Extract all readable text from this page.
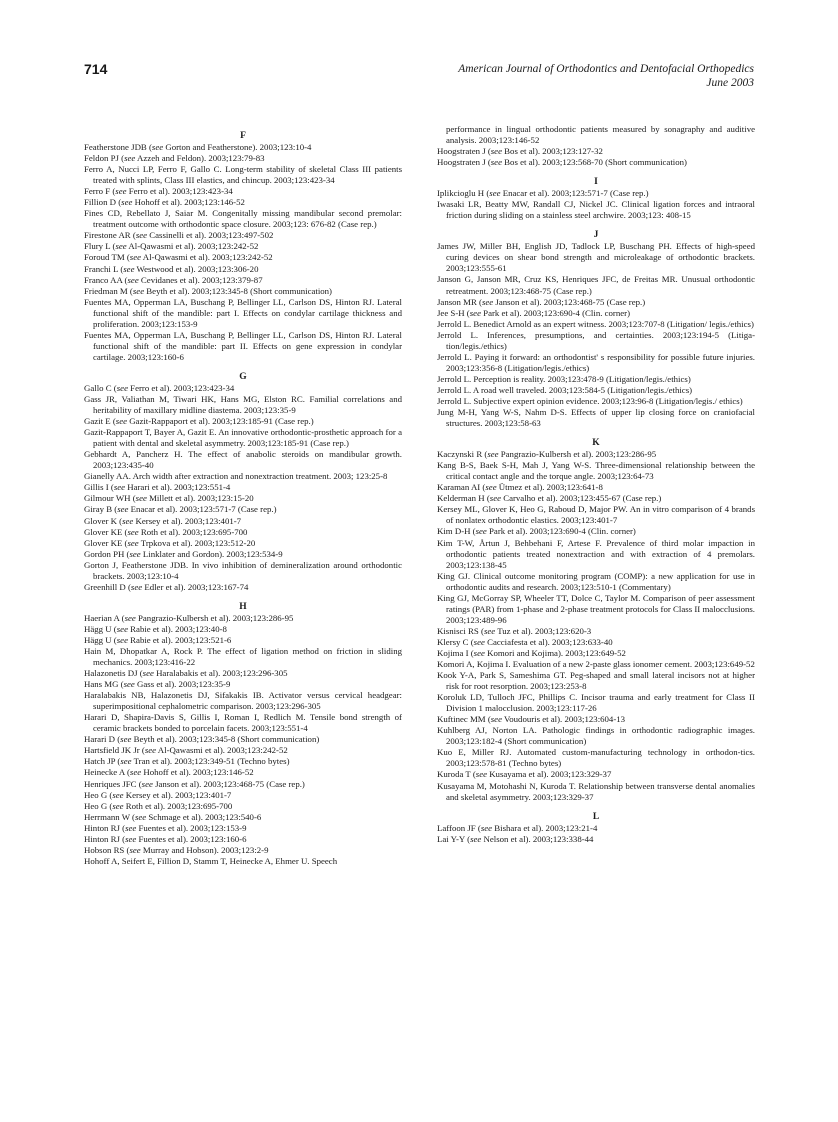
714	American Journal of Orthodontics and Dentofacial Orthopedics
June 2003
F
Featherstone JDB (see Gorton and Featherstone). 2003;123:10-4
Feldon PJ (see Azzeh and Feldon). 2003;123:79-83
Ferro A, Nucci LP, Ferro F, Gallo C. Long-term stability of skeletal Class III patients treated with splints, Class III elastics, and chincup. 2003;123:423-34
Ferro F (see Ferro et al). 2003;123:423-34
Fillion D (see Hohoff et al). 2003;123:146-52
Fines CD, Rebellato J, Saiar M. Congenitally missing mandibular second premolar: treatment outcome with orthodontic space closure. 2003;123: 676-82 (Case rep.)
Firestone AR (see Cassinelli et al). 2003;123:497-502
Flury L (see Al-Qawasmi et al). 2003;123:242-52
Foroud TM (see Al-Qawasmi et al). 2003;123:242-52
Franchi L (see Westwood et al). 2003;123:306-20
Franco AA (see Cevidanes et al). 2003;123:379-87
Friedman M (see Beyth et al). 2003;123:345-8 (Short communication)
Fuentes MA, Opperman LA, Buschang P, Bellinger LL, Carlson DS, Hinton RJ. Lateral functional shift of the mandible: part I. Effects on condylar cartilage thickness and proliferation. 2003;123:153-9
Fuentes MA, Opperman LA, Buschang P, Bellinger LL, Carlson DS, Hinton RJ. Lateral functional shift of the mandible: part II. Effects on gene expression in condylar cartilage. 2003;123:160-6
G
Gallo C (see Ferro et al). 2003;123:423-34
Gass JR, Valiathan M, Tiwari HK, Hans MG, Elston RC. Familial correlations and heritability of maxillary midline diastema. 2003;123:35-9
Gazit E (see Gazit-Rappaport et al). 2003;123:185-91 (Case rep.)
Gazit-Rappaport T, Bayer A, Gazit E. An innovative orthodontic-prosthetic approach for a patient with dental and skeletal asymmetry. 2003;123:185-91 (Case rep.)
Gebhardt A, Pancherz H. The effect of anabolic steroids on mandibular growth. 2003;123:435-40
Gianelly AA. Arch width after extraction and nonextraction treatment. 2003; 123:25-8
Gillis I (see Harari et al). 2003;123:551-4
Gilmour WH (see Millett et al). 2003;123:15-20
Giray B (see Enacar et al). 2003;123:571-7 (Case rep.)
Glover K (see Kersey et al). 2003;123:401-7
Glover KE (see Roth et al). 2003;123:695-700
Glover KE (see Trpkova et al). 2003;123:512-20
Gordon PH (see Linklater and Gordon). 2003;123:534-9
Gorton J, Featherstone JDB. In vivo inhibition of demineralization around orthodontic brackets. 2003;123:10-4
Greenhill D (see Edler et al). 2003;123:167-74
H
Haerian A (see Pangrazio-Kulbersh et al). 2003;123:286-95
Hägg U (see Rabie et al). 2003;123:40-8
Hägg U (see Rabie et al). 2003;123:521-6
Hain M, Dhopatkar A, Rock P. The effect of ligation method on friction in sliding mechanics. 2003;123:416-22
Halazonetis DJ (see Haralabakis et al). 2003;123:296-305
Hans MG (see Gass et al). 2003;123:35-9
Haralabakis NB, Halazonetis DJ, Sifakakis IB. Activator versus cervical headgear: superimpositional cephalometric comparison. 2003;123:296-305
Harari D, Shapira-Davis S, Gillis I, Roman I, Redlich M. Tensile bond strength of ceramic brackets bonded to porcelain facets. 2003;123:551-4
Harari D (see Beyth et al). 2003;123:345-8 (Short communication)
Hartsfield JK Jr (see Al-Qawasmi et al). 2003;123:242-52
Hatch JP (see Tran et al). 2003;123:349-51 (Techno bytes)
Heinecke A (see Hohoff et al). 2003;123:146-52
Henriques JFC (see Janson et al). 2003;123:468-75 (Case rep.)
Heo G (see Kersey et al). 2003;123:401-7
Heo G (see Roth et al). 2003;123:695-700
Herrmann W (see Schmage et al). 2003;123:540-6
Hinton RJ (see Fuentes et al). 2003;123:153-9
Hinton RJ (see Fuentes et al). 2003;123:160-6
Hobson RS (see Murray and Hobson). 2003;123:2-9
Hohoff A, Seifert E, Fillion D, Stamm T, Heinecke A, Ehmer U. Speech
performance in lingual orthodontic patients measured by sonagraphy and auditive analysis. 2003;123:146-52
Hoogstraten J (see Bos et al). 2003;123:127-32
Hoogstraten J (see Bos et al). 2003;123:568-70 (Short communication)
I
Iplikcioglu H (see Enacar et al). 2003;123:571-7 (Case rep.)
Iwasaki LR, Beatty MW, Randall CJ, Nickel JC. Clinical ligation forces and intraoral friction during sliding on a stainless steel archwire. 2003;123: 408-15
J
James JW, Miller BH, English JD, Tadlock LP, Buschang PH. Effects of high-speed curing devices on shear bond strength and microleakage of orthodontic brackets. 2003;123:555-61
Janson G, Janson MR, Cruz KS, Henriques JFC, de Freitas MR. Unusual orthodontic retreatment. 2003;123:468-75 (Case rep.)
Janson MR (see Janson et al). 2003;123:468-75 (Case rep.)
Jee S-H (see Park et al). 2003;123:690-4 (Clin. corner)
Jerrold L. Benedict Arnold as an expert witness. 2003;123:707-8 (Litigation/ legis./ethics)
Jerrold L. Inferences, presumptions, and certainties. 2003;123:194-5 (Litiga-tion/legis./ethics)
Jerrold L. Paying it forward: an orthodontist' s responsibility for possible future injuries. 2003;123:356-8 (Litigation/legis./ethics)
Jerrold L. Perception is reality. 2003;123:478-9 (Litigation/legis./ethics)
Jerrold L. A road well traveled. 2003;123:584-5 (Litigation/legis./ethics)
Jerrold L. Subjective expert opinion evidence. 2003;123:96-8 (Litigation/legis./ ethics)
Jung M-H, Yang W-S, Nahm D-S. Effects of upper lip closing force on craniofacial structures. 2003;123:58-63
K
Kaczynski R (see Pangrazio-Kulbersh et al). 2003;123:286-95
Kang B-S, Baek S-H, Mah J, Yang W-S. Three-dimensional relationship between the critical contact angle and the torque angle. 2003;123:64-73
Karaman AI (see Ütmez et al). 2003;123:641-8
Kelderman H (see Carvalho et al). 2003;123:455-67 (Case rep.)
Kersey ML, Glover K, Heo G, Raboud D, Major PW. An in vitro comparison of 4 brands of nonlatex orthodontic elastics. 2003;123:401-7
Kim D-H (see Park et al). 2003;123:690-4 (Clin. corner)
Kim T-W, Årtun J, Behbehani F, Artese F. Prevalence of third molar impaction in orthodontic patients treated nonextraction and with extraction of 4 premolars. 2003;123:138-45
King GJ. Clinical outcome monitoring program (COMP): a new application for use in orthodontic audits and research. 2003;123:510-1 (Commentary)
King GJ, McGorray SP, Wheeler TT, Dolce C, Taylor M. Comparison of peer assessment ratings (PAR) from 1-phase and 2-phase treatment protocols for Class II malocclusions. 2003;123:489-96
Kisnisci RS (see Tuz et al). 2003;123:620-3
Klersy C (see Cacciafesta et al). 2003;123:633-40
Kojima I (see Komori and Kojima). 2003;123:649-52
Komori A, Kojima I. Evaluation of a new 2-paste glass ionomer cement. 2003;123:649-52
Kook Y-A, Park S, Sameshima GT. Peg-shaped and small lateral incisors not at higher risk for root resorption. 2003;123:253-8
Koroluk LD, Tulloch JFC, Phillips C. Incisor trauma and early treatment for Class II Division 1 malocclusion. 2003;123:117-26
Kuftinec MM (see Voudouris et al). 2003;123:604-13
Kuhlberg AJ, Norton LA. Pathologic findings in orthodontic radiographic images. 2003;123:182-4 (Short communication)
Kuo E, Miller RJ. Automated custom-manufacturing technology in orthodon-tics. 2003;123:578-81 (Techno bytes)
Kuroda T (see Kusayama et al). 2003;123:329-37
Kusayama M, Motohashi N, Kuroda T. Relationship between transverse dental anomalies and skeletal asymmetry. 2003;123:329-37
L
Laffoon JF (see Bishara et al). 2003;123:21-4
Lai Y-Y (see Nelson et al). 2003;123:338-44
